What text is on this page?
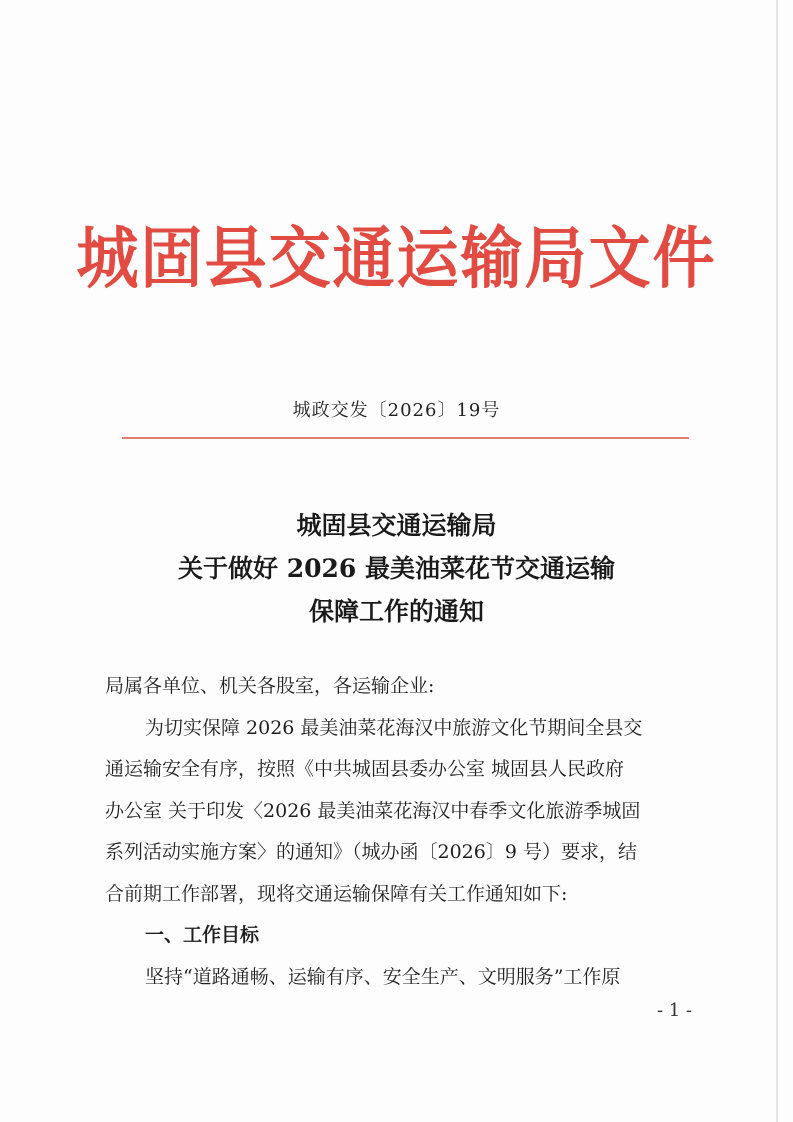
城固县交通运输局文件
城政交发〔2026〕19号
城固县交通运输局
关于做好 2026 最美油菜花节交通运输
保障工作的通知

局属各单位、机关各股室，各运输企业:

为切实保障 2026 最美油菜花海汉中旅游文化节期间全县交

通运输安全有序，按照《中共城固县委办公室 城固县人民政府

办公室 关于印发〈2026 最美油菜花海汉中春季文化旅游季城固

系列活动实施方案〉的通知》（城办函〔2026〕9 号）要求，结

合前期工作部署，现将交通运输保障有关工作通知如下:

一、工作目标

坚持“道路通畅、运输有序、安全生产、文明服务”工作原

- 1 -
